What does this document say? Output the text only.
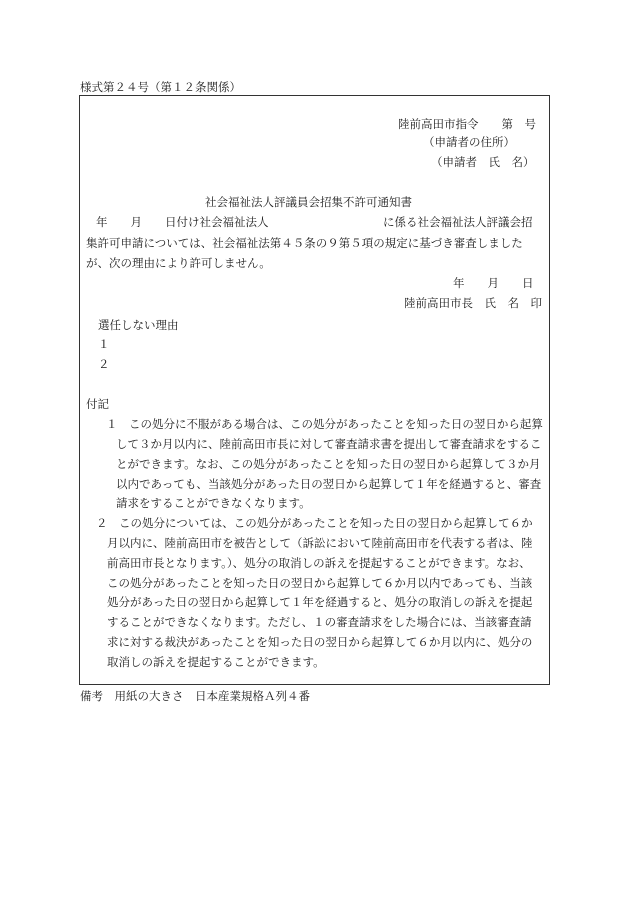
様式第２４号（第１２条関係）
陸前高田市指令　　第　号
（申請者の住所）
（申請者　氏　名）
社会福祉法人評議員会招集不許可通知書
年　　月　　日付け社会福祉法人	に係る社会福祉法人評議会招
集許可申請については、社会福祉法第４５条の９第５項の規定に基づき審査しました
が、次の理由により許可しません。
年　　月　　日
陸前高田市長　氏　名　印
選任しない理由
１
２
付記
１　この処分に不服がある場合は、この処分があったことを知った日の翌日から起算
して３か月以内に、陸前高田市長に対して審査請求書を提出して審査請求をするこ
とができます。なお、この処分があったことを知った日の翌日から起算して３か月
以内であっても、当該処分があった日の翌日から起算して１年を経過すると、審査
請求をすることができなくなります。
２　この処分については、この処分があったことを知った日の翌日から起算して６か
月以内に、陸前高田市を被告として（訴訟において陸前高田市を代表する者は、陸
前高田市長となります。）、処分の取消しの訴えを提起することができます。なお、
この処分があったことを知った日の翌日から起算して６か月以内であっても、当該
処分があった日の翌日から起算して１年を経過すると、処分の取消しの訴えを提起
することができなくなります。ただし、１の審査請求をした場合には、当該審査請
求に対する裁決があったことを知った日の翌日から起算して６か月以内に、処分の
取消しの訴えを提起することができます。
備考　用紙の大きさ　日本産業規格Ａ列４番
